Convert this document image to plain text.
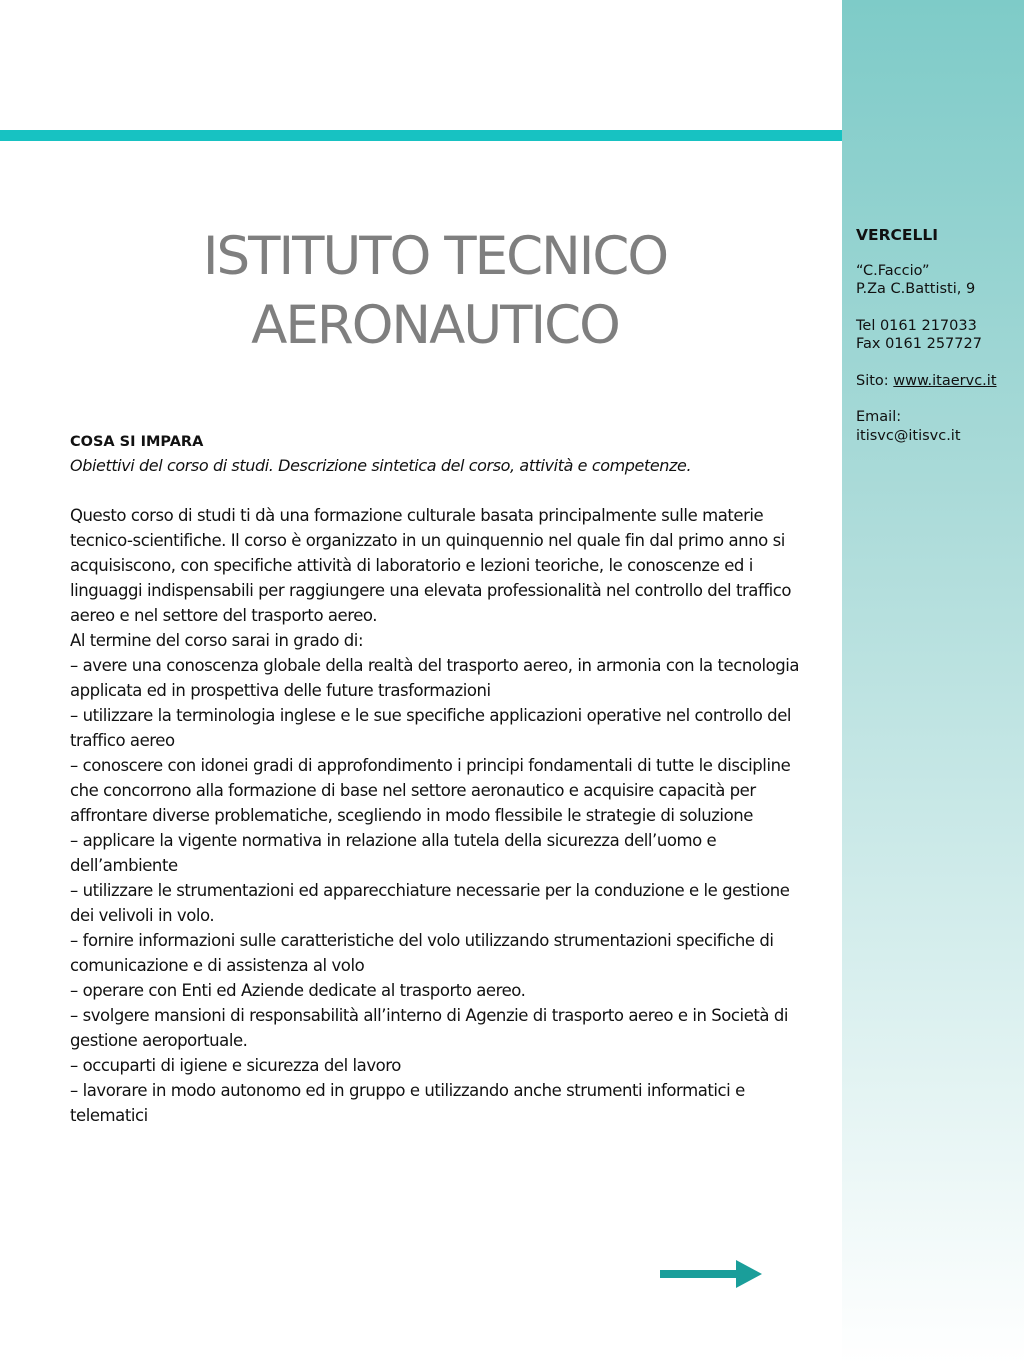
ISTITUTO TECNICO
AERONAUTICO
COSA SI IMPARA
Obiettivi del corso di studi. Descrizione sintetica del corso, attività e competenze.

Questo corso di studi ti dà una formazione culturale basata principalmente sulle materie tecnico-scientifiche. Il corso è organizzato in un quinquennio nel quale fin dal primo anno si acquisiscono, con specifiche attività di laboratorio e lezioni teoriche, le conoscenze ed i linguaggi indispensabili per raggiungere una elevata professionalità nel controllo del traffico aereo e nel settore del trasporto aereo.

Al termine del corso sarai in grado di:

– avere una conoscenza globale della realtà del trasporto aereo, in armonia con la tecnologia applicata ed in prospettiva delle future trasformazioni

– utilizzare la terminologia inglese e le sue specifiche applicazioni operative nel controllo del traffico aereo

– conoscere con idonei gradi di approfondimento i principi fondamentali di tutte le discipline che concorrono alla formazione di base nel settore aeronautico e acquisire capacità per affrontare diverse problematiche, scegliendo in modo flessibile le strategie di soluzione

– applicare la vigente normativa in relazione alla tutela della sicurezza dell’uomo e dell’ambiente

– utilizzare le strumentazioni ed apparecchiature necessarie per la conduzione e le gestione dei velivoli in volo.

– fornire informazioni sulle caratteristiche del volo utilizzando strumentazioni specifiche di comunicazione e di assistenza al volo

– operare con Enti ed Aziende dedicate al trasporto aereo.

– svolgere mansioni di responsabilità all’interno di Agenzie di trasporto aereo e in Società di gestione aeroportuale.

– occuparti di igiene e sicurezza del lavoro

– lavorare in modo autonomo ed in gruppo e utilizzando anche strumenti informatici e telematici

VERCELLI
“C.Faccio”
P.Za C.Battisti, 9
Tel 0161 217033
Fax 0161 257727
Sito: www.itaervc.it
Email:
itisvc@itisvc.it
